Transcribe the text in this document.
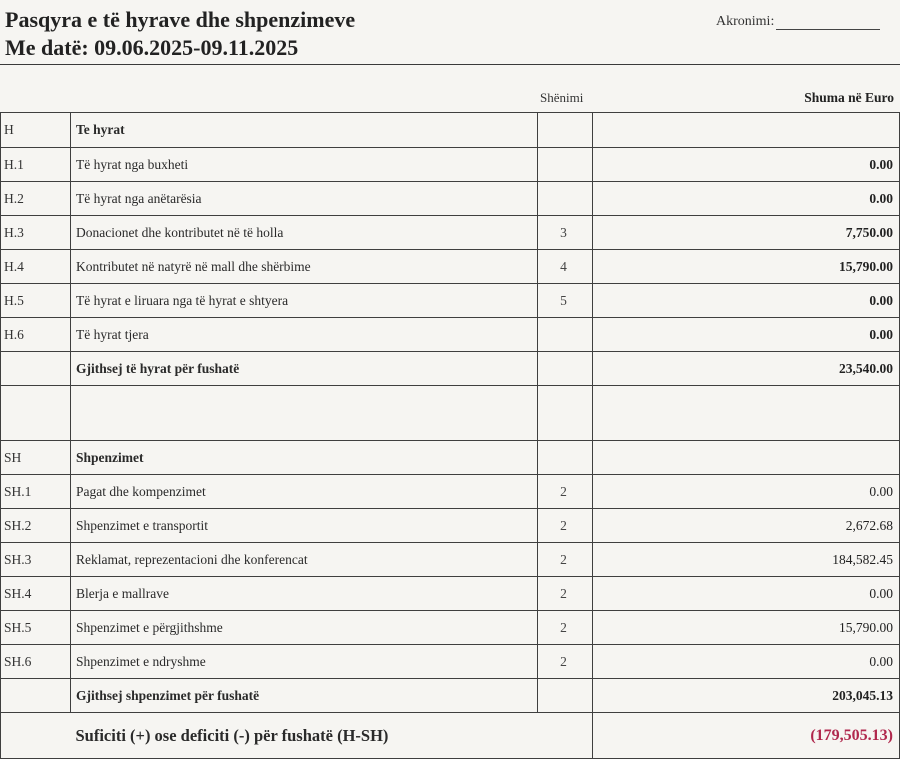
Pasqyra e të hyrave dhe shpenzimeve
Me datë: 09.06.2025-09.11.2025
Akronimi:
Shënimi	Shuma në Euro
H	Te hyrat		
H.1	Të hyrat nga buxheti		0.00
H.2	Të hyrat nga anëtarësia		0.00
H.3	Donacionet dhe kontributet në të holla	3	7,750.00
H.4	Kontributet në natyrë në mall dhe shërbime	4	15,790.00
H.5	Të hyrat e liruara nga të hyrat e shtyera	5	0.00
H.6	Të hyrat tjera		0.00
	Gjithsej të hyrat për fushatë		23,540.00

SH	Shpenzimet		
SH.1	Pagat dhe kompenzimet	2	0.00
SH.2	Shpenzimet e transportit	2	2,672.68
SH.3	Reklamat, reprezentacioni dhe konferencat	2	184,582.45
SH.4	Blerja e mallrave	2	0.00
SH.5	Shpenzimet e përgjithshme	2	15,790.00
SH.6	Shpenzimet e ndryshme	2	0.00
	Gjithsej shpenzimet për fushatë		203,045.13
	Suficiti (+) ose deficiti (-) për fushatë (H-SH)		(179,505.13)
